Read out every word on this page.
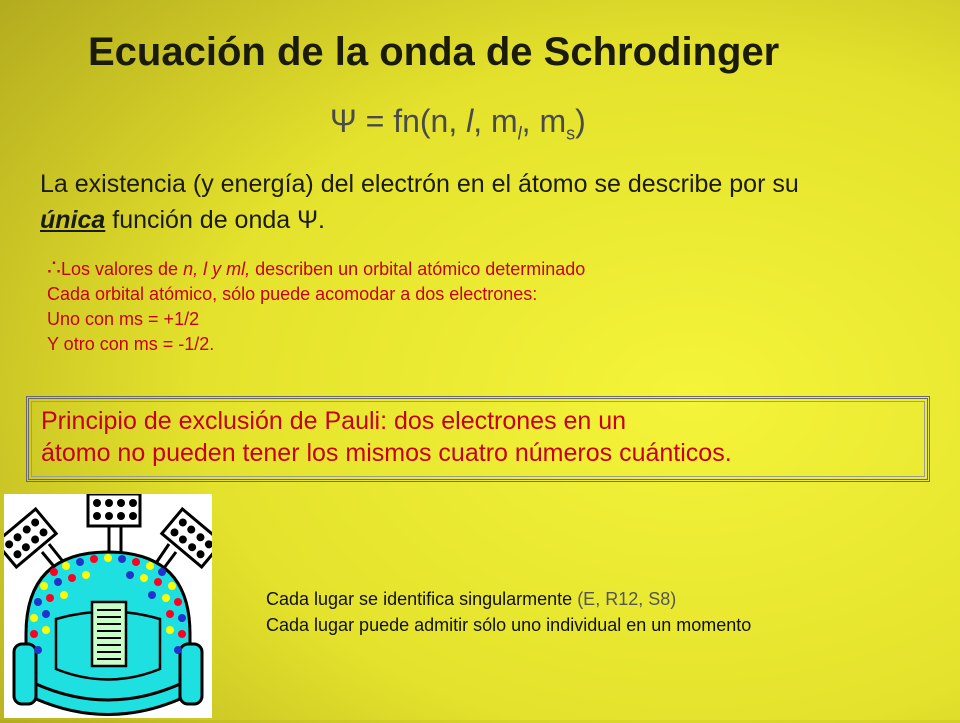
Ecuación de la onda de Schrodinger
Ψ = fn(n, l, $m_l$, $m_s$)
La existencia (y energía) del electrón en el átomo se describe por su única función de onda Ψ.
∴Los valores de n, l y ml, describen un orbital atómico determinado
Cada orbital atómico, sólo puede acomodar a dos electrones:
Uno con ms = +1/2
Y otro con ms = -1/2.
Principio de exclusión de Pauli: dos electrones en un
átomo no pueden tener los mismos cuatro números cuánticos.
Cada lugar se identifica singularmente (E, R12, S8)
Cada lugar puede admitir sólo uno individual en un momento
